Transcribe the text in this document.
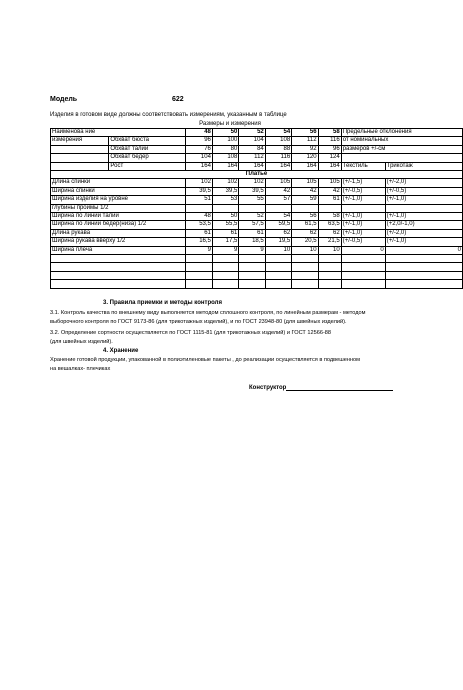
Модель	622
Изделия в готовом виде должны соответствовать измерениям, указанным в таблице
Размеры и измерения
Наименова ние		48	50	52	54	56	58	Предельные отклонения	
измерения	Обхват бюста	96	100	104	108	112	116	от номинальных	
	Обхват талии	76	80	84	88	92	96	размеров +/-см	
	Обхват бедер	104	108	112	116	120	124		
	Рост	164	164	164	164	164	164	Текстиль	Трикотаж
Платье									
Длина спинки		102	102	102	105	105	105	(+/-1,5)	(+/-2,0)
Ширина спинки		39,5	39,5	39,5	42	42	42	(+/-0,5)	(+/-0,5)
Ширина изделия на уровне		51	53	55	57	59	61	(+/-1,0)	(+/-1,0)
глубины проймы 1/2									
Ширина по линии талии		48	50	52	54	56	58	(+/-1,0)	(+/-1,0)
Ширина по линии бедер(низа) 1/2		53,5	55,5	57,5	59,5	61,5	63,5	(+/-1,0)	(+2,0/-1,0)
Длина рукава		61	61	61	62	62	62	(+/-1,0)	(+/-2,0)
Ширина рукава вверху 1/2		16,5	17,5	18,5	19,5	20,5	21,5	(+/-0,5)	(+/-1,0)
Ширина плеча		9	9	9	10	10	10	0	0

3. Правила приемки и методы контроля
3.1. Контроль качества по внешнему виду выполняется методом сплошного контроля, по линейным размерам - методом
выборочного контроля по ГОСТ 9173-86 (для трикотажных изделий), и по ГОСТ 23948-80 (для швейных изделий).
3.2. Определение сортности осуществляется по ГОСТ 1115-81 (для трикотажных изделий) и ГОСТ 12566-88
(для швейных изделий).
4. Хранение
Хранение готовой продукции, упакованной в полиэтиленовые пакеты , до реализации осуществляется в подвешенном
на вешалках- плечиках
Конструктор
